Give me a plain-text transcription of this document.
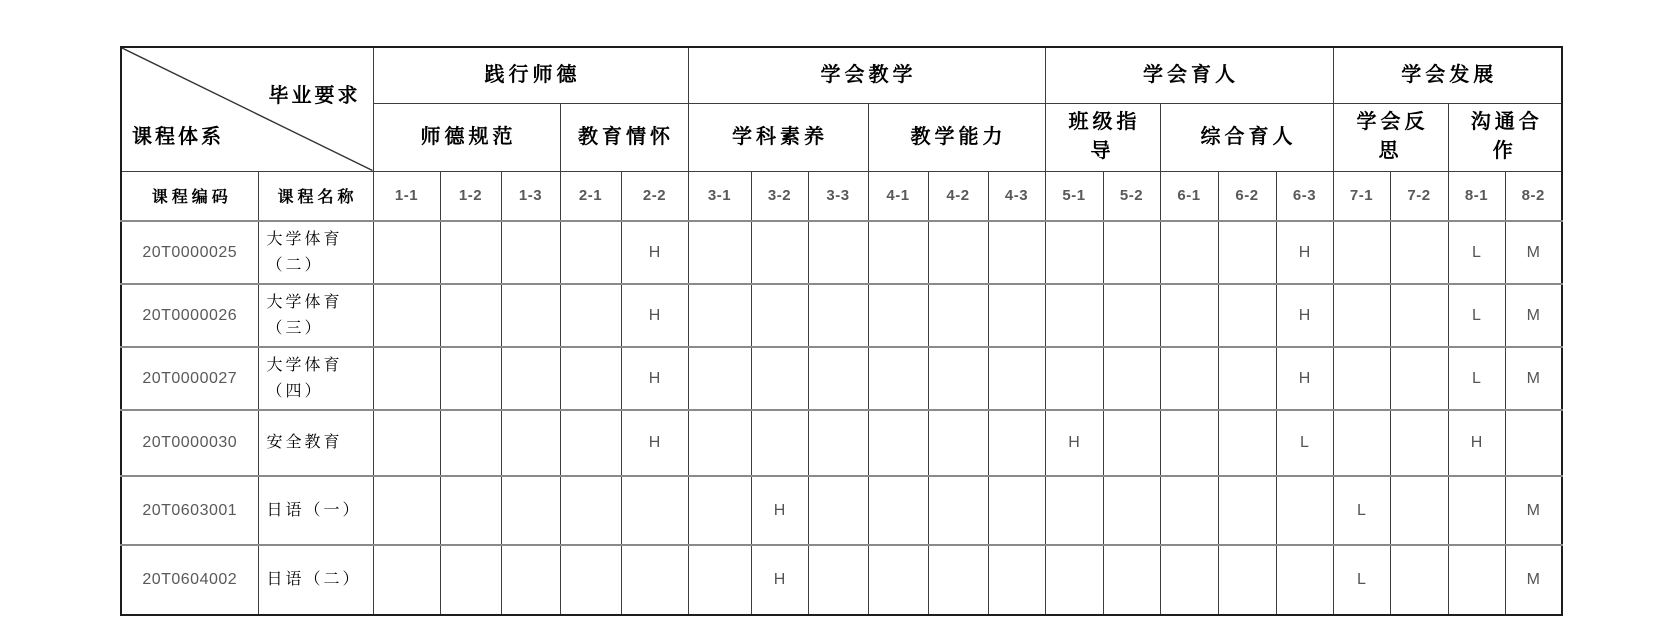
毕业要求
课程体系		践行师德					学会教学						学会育人					学会发展			
		师德规范			教育情怀		学科素养			教学能力			班级指导		综合育人			学会反思		沟通合作	
课程编码	课程名称	1-1	1-2	1-3	2-1	2-2	3-1	3-2	3-3	4-1	4-2	4-3	5-1	5-2	6-1	6-2	6-3	7-1	7-2	8-1	8-2
20T0000025	大学体育（二）					H											H			L	M
20T0000026	大学体育（三）					H											H			L	M
20T0000027	大学体育（四）					H											H			L	M
20T0000030	安全教育					H							H				L			H	
20T0603001	日语（一）							H										L			M
20T0604002	日语（二）							H										L			M
